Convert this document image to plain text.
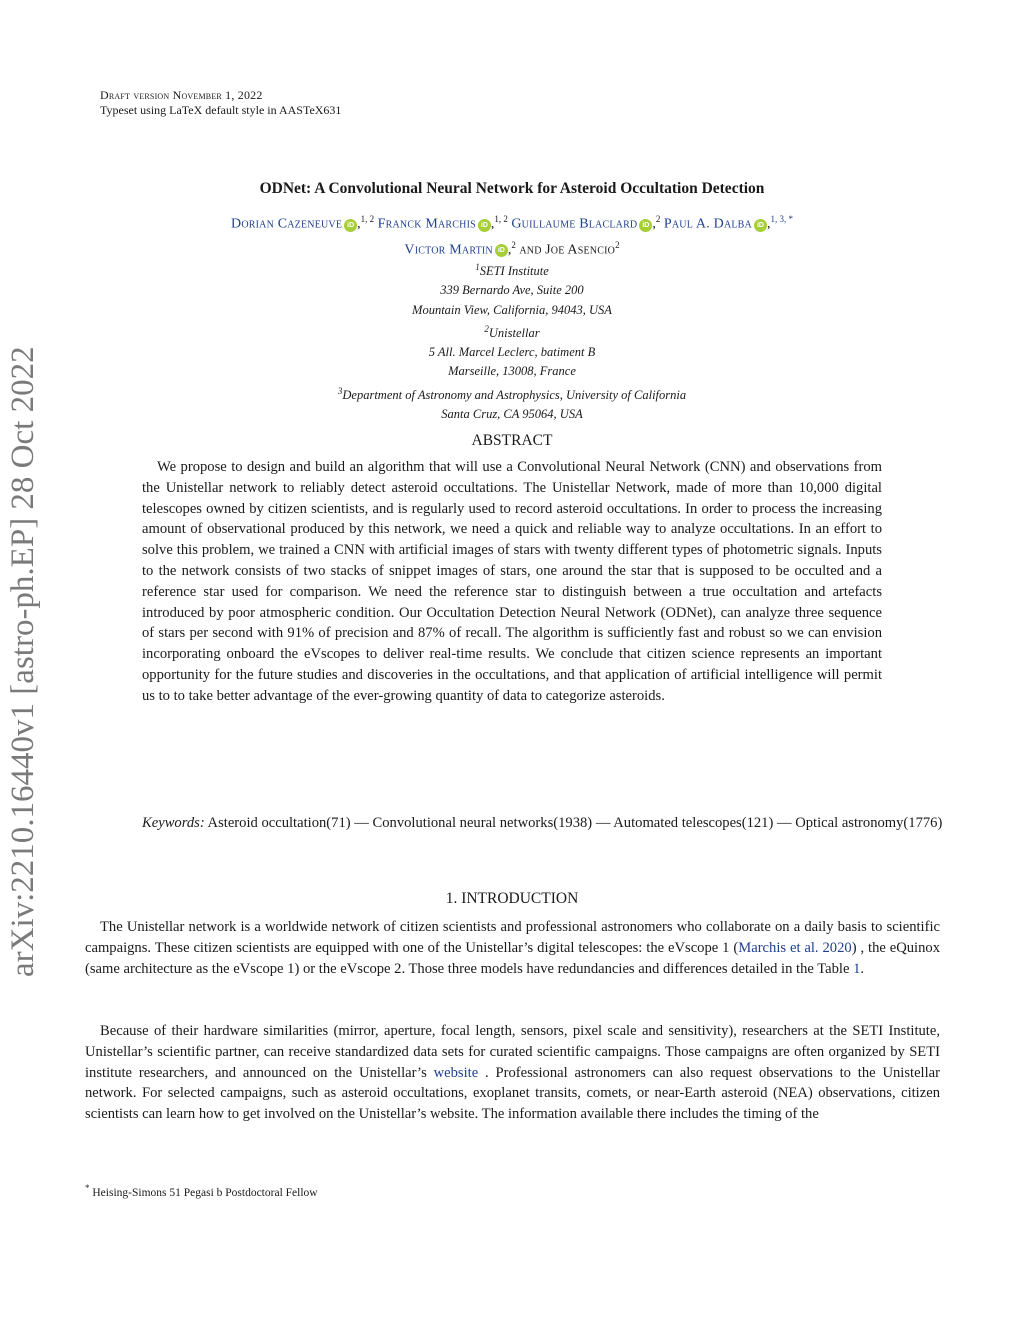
arXiv:2210.16440v1 [astro-ph.EP] 28 Oct 2022
Draft version November 1, 2022
Typeset using LaTeX default style in AASTeX631
ODNet: A Convolutional Neural Network for Asteroid Occultation Detection
Dorian Cazeneuve iD ,$^{1, 2}$ Franck Marchis iD ,$^{1, 2}$ Guillaume Blaclard iD ,$^2$ Paul A. Dalba iD ,$^{1, 3, *}$
Victor Martin iD ,$^2$ and Joe Asencio$^2$
$^1$SETI Institute
339 Bernardo Ave, Suite 200
Mountain View, California, 94043, USA
$^2$Unistellar
5 All. Marcel Leclerc, batiment B
Marseille, 13008, France
$^3$Department of Astronomy and Astrophysics, University of California
Santa Cruz, CA 95064, USA
ABSTRACT

We propose to design and build an algorithm that will use a Convolutional Neural Network (CNN) and observations from the Unistellar network to reliably detect asteroid occultations. The Unistellar Network, made of more than 10,000 digital telescopes owned by citizen scientists, and is regularly used to record asteroid occultations. In order to process the increasing amount of observational produced by this network, we need a quick and reliable way to analyze occultations. In an effort to solve this problem, we trained a CNN with artificial images of stars with twenty different types of photometric signals. Inputs to the network consists of two stacks of snippet images of stars, one around the star that is supposed to be occulted and a reference star used for comparison. We need the reference star to distinguish between a true occultation and artefacts introduced by poor atmospheric condition. Our Occultation Detection Neural Network (ODNet), can analyze three sequence of stars per second with 91% of precision and 87% of recall. The algorithm is sufficiently fast and robust so we can envision incorporating onboard the eVscopes to deliver real-time results. We conclude that citizen science represents an important opportunity for the future studies and discoveries in the occultations, and that application of artificial intelligence will permit us to to take better advantage of the ever-growing quantity of data to categorize asteroids.

Keywords: Asteroid occultation(71) — Convolutional neural networks(1938) — Automated telescopes(121) — Optical astronomy(1776)
1. INTRODUCTION

The Unistellar network is a worldwide network of citizen scientists and professional astronomers who collaborate on a daily basis to scientific campaigns. These citizen scientists are equipped with one of the Unistellar’s digital telescopes: the eVscope 1 (Marchis et al. 2020) , the eQuinox (same architecture as the eVscope 1) or the eVscope 2. Those three models have redundancies and differences detailed in the Table 1.

Because of their hardware similarities (mirror, aperture, focal length, sensors, pixel scale and sensitivity), researchers at the SETI Institute, Unistellar’s scientific partner, can receive standardized data sets for curated scientific campaigns. Those campaigns are often organized by SETI institute researchers, and announced on the Unistellar’s website . Professional astronomers can also request observations to the Unistellar network. For selected campaigns, such as asteroid occultations, exoplanet transits, comets, or near-Earth asteroid (NEA) observations, citizen scientists can learn how to get involved on the Unistellar’s website. The information available there includes the timing of the

* Heising-Simons 51 Pegasi b Postdoctoral Fellow
